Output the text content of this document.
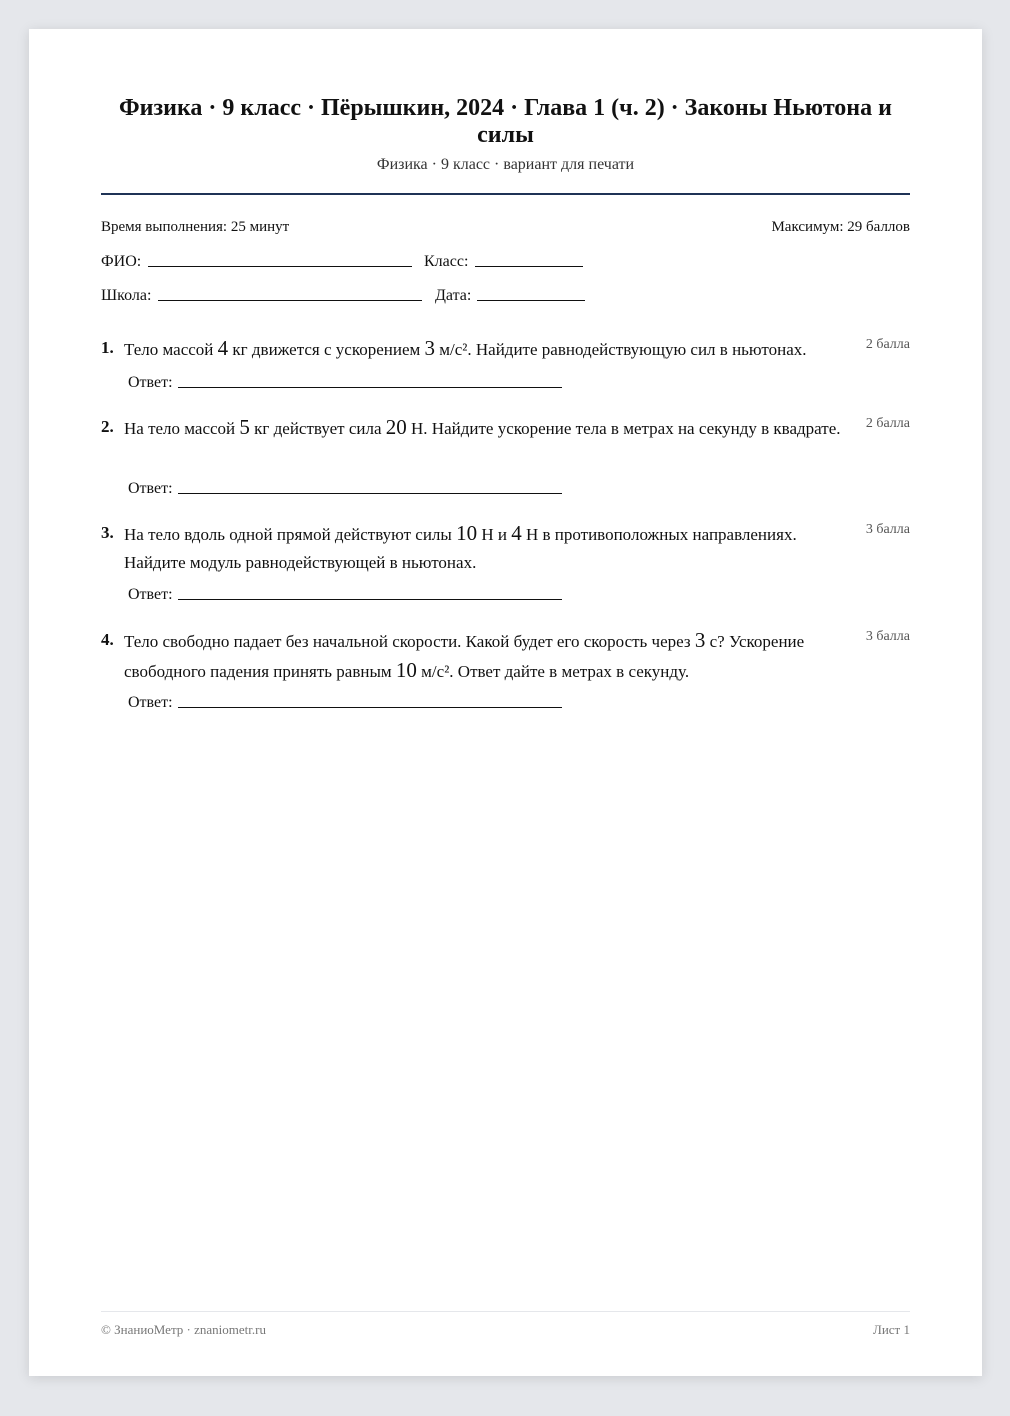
Физика · 9 класс · Пёрышкин, 2024 · Глава 1 (ч. 2) · Законы Ньютона и силы
Физика · 9 класс · вариант для печати
Время выполнения: 25 минут	Максимум: 29 баллов
ФИО:	Класс:
Школа:	Дата:
1. Тело массой 4 кг движется с ускорением 3 м/с². Найдите равнодействующую сил в ньютонах.	2 балла
Ответ:
2. На тело массой 5 кг действует сила 20 Н. Найдите ускорение тела в метрах на секунду в квадрате.	2 балла
Ответ:
3. На тело вдоль одной прямой действуют силы 10 Н и 4 Н в противоположных направлениях. Найдите модуль равнодействующей в ньютонах.
3 балла
Ответ:
4. Тело свободно падает без начальной скорости. Какой будет его скорость через 3 с? Ускорение свободного падения принять равным 10 м/с². Ответ дайте в метрах в секунду.
3 балла
Ответ:
© ЗнаниоМетр · znaniometr.ru	Лист 1
